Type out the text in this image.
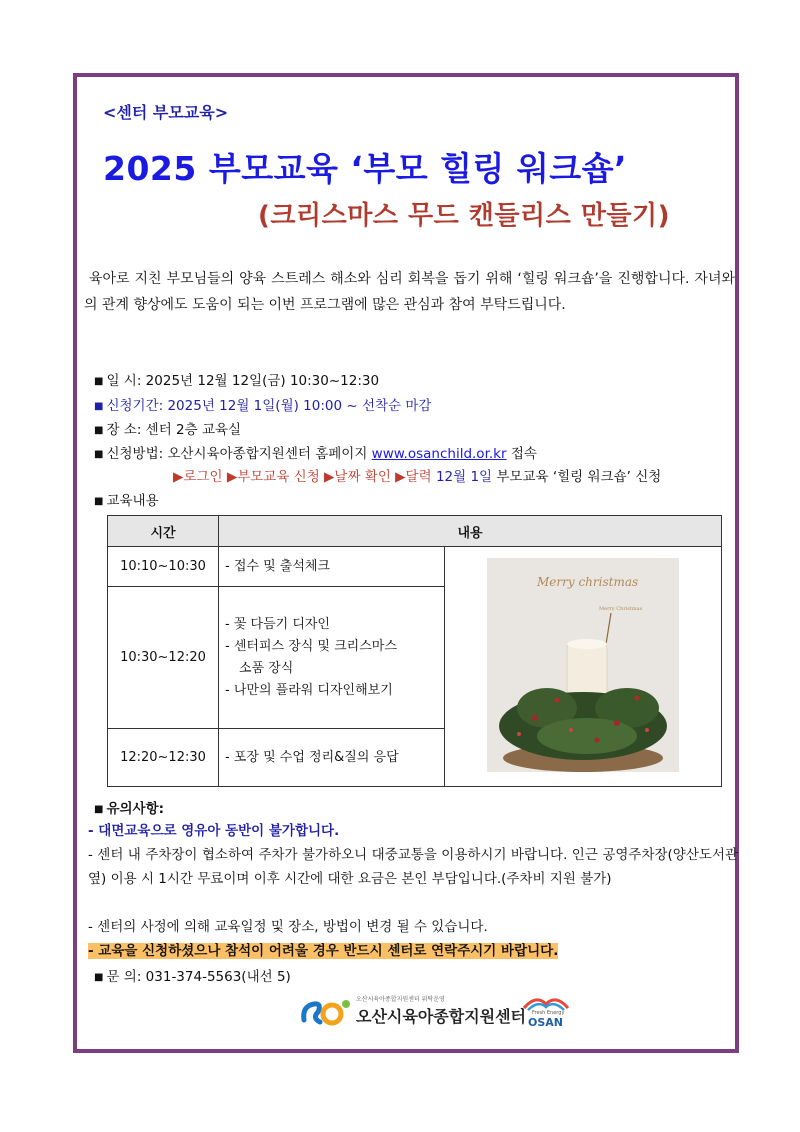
<센터 부모교육>
2025 부모교육 ‘부모 힐링 워크숍’
(크리스마스 무드 캔들리스 만들기)
육아로 지친 부모님들의 양육 스트레스 해소와 심리 회복을 돕기 위해 ‘힐링 워크숍’을 진행합니다. 자녀와의 관계 향상에도 도움이 되는 이번 프로그램에 많은 관심과 참여 부탁드립니다.
■ 일 시: 2025년 12월 12일(금) 10:30~12:30
■ 신청기간: 2025년 12월 1일(월) 10:00 ~ 선착순 마감
■ 장 소: 센터 2층 교육실
■ 신청방법: 오산시육아종합지원센터 홈페이지 www.osanchild.or.kr 접속
▶로그인 ▶부모교육 신청 ▶날짜 확인 ▶달력 12월 1일 부모교육 ‘힐링 워크숍’ 신청
■ 교육내용
시간	내용	
10:10~10:30	- 접수 및 출석체크	Merry christmas
Merry Christmas

10:30~12:20	- 꽃 다듬기 디자인
- 센터피스 장식 및 크리스마스
소품 장식
- 나만의 플라워 디자인해보기	

12:20~12:30	- 포장 및 수업 정리&질의 응답	
■ 유의사항:
- 대면교육으로 영유아 동반이 불가합니다.
- 센터 내 주차장이 협소하여 주차가 불가하오니 대중교통을 이용하시기 바랍니다. 인근 공영주차장(양산도서관 옆) 이용 시 1시간 무료이며 이후 시간에 대한 요금은 본인 부담입니다.(주차비 지원 불가)
- 센터의 사정에 의해 교육일정 및 장소, 방법이 변경 될 수 있습니다.
- 교육을 신청하셨으나 참석이 어려울 경우 반드시 센터로 연락주시기 바랍니다.
■ 문 의: 031-374-5563(내선 5)
오산시육아종합지원센터 위탁운영
오산시육아종합지원센터 Fresh Energy
OSAN
